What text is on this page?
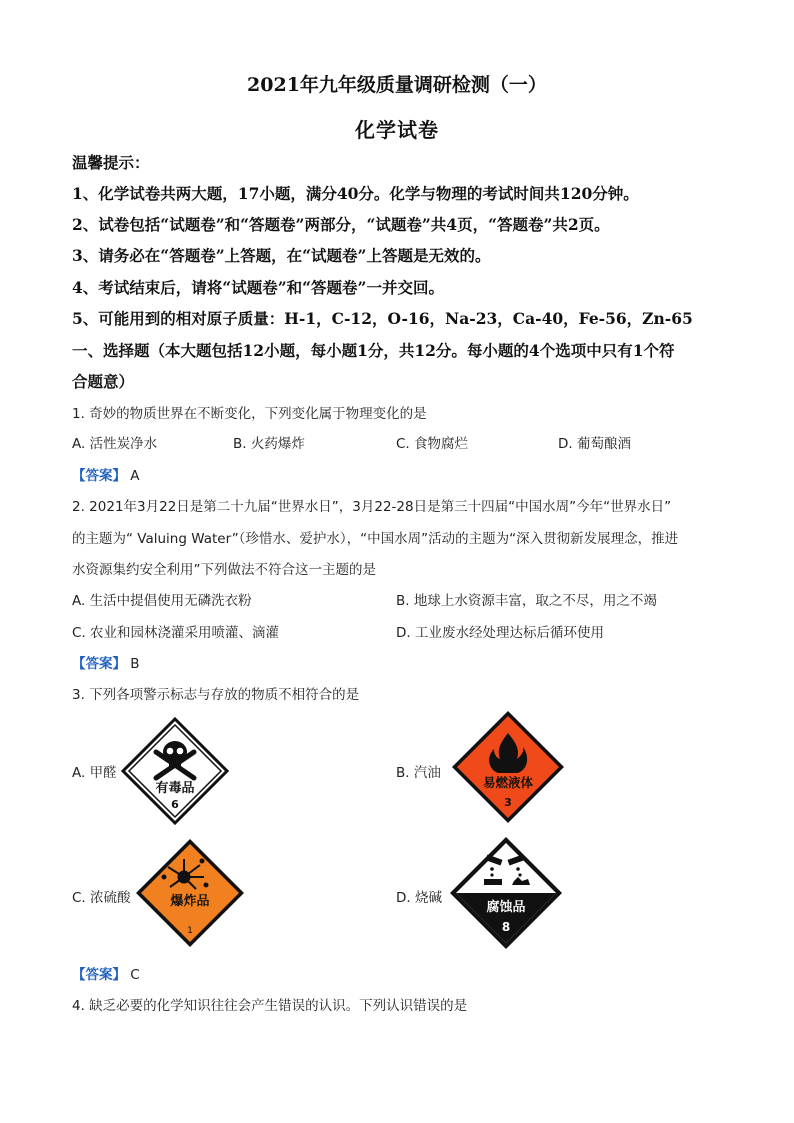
2021年九年级质量调研检测（一）
化学试卷
温馨提示：
1、化学试卷共两大题，17小题，满分40分。化学与物理的考试时间共120分钟。
2、试卷包括“试题卷”和“答题卷”两部分，“试题卷”共4页，“答题卷”共2页。
3、请务必在“答题卷”上答题，在“试题卷”上答题是无效的。
4、考试结束后，请将“试题卷”和“答题卷”一并交回。
5、可能用到的相对原子质量：H-1，C-12，O-16，Na-23，Ca-40，Fe-56，Zn-65
一、选择题（本大题包括12小题，每小题1分，共12分。每小题的4个选项中只有1个符
合题意）
1. 奇妙的物质世界在不断变化，下列变化属于物理变化的是
A. 活性炭净水	B. 火药爆炸	C. 食物腐烂	D. 葡萄酿酒
【答案】 A
2. 2021年3月22日是第二十九届“世界水日”，3月22-28日是第三十四届“中国水周”今年“世界水日”
的主题为“ Valuing Water”（珍惜水、爱护水），“中国水周”活动的主题为“深入贯彻新发展理念，推进
水资源集约安全利用”下列做法不符合这一主题的是
A. 生活中提倡使用无磷洗衣粉	B. 地球上水资源丰富，取之不尽，用之不竭
C. 农业和园林浇灌采用喷灌、滴灌	D. 工业废水经处理达标后循环使用
【答案】 B
3. 下列各项警示标志与存放的物质不相符合的是
A. 甲醛
有毒品
6
B. 汽油
易燃液体
3
C. 浓硫酸	爆炸品
1
D. 烧碱
腐蚀品
8
【答案】 C
4. 缺乏必要的化学知识往往会产生错误的认识。下列认识错误的是
